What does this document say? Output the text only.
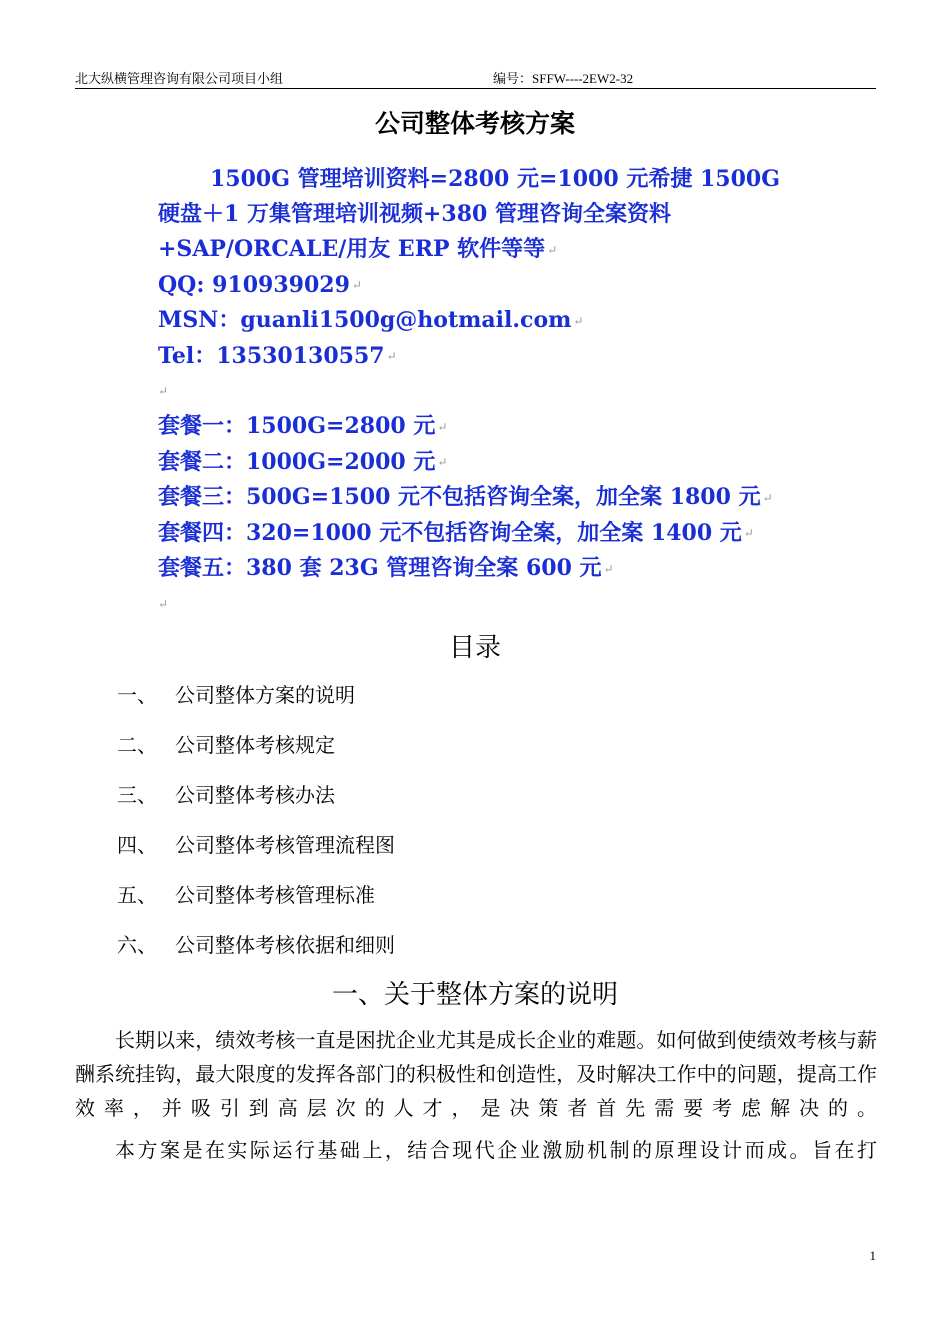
北大纵横管理咨询有限公司项目小组	编号：SFFW----2EW2-32
公司整体考核方案
1500G 管理培训资料=2800 元=1000 元希捷 1500G
硬盘＋1 万集管理培训视频+380 管理咨询全案资料
+SAP/ORCALE/用友 ERP 软件等等 ↵
QQ: 910939029 ↵
MSN：guanli1500g@hotmail.com ↵
Tel：13530130557 ↵
↵
套餐一：1500G=2800 元 ↵
套餐二：1000G=2000 元 ↵
套餐三：500G=1500 元不包括咨询全案，加全案 1800 元 ↵
套餐四：320=1000 元不包括咨询全案，加全案 1400 元 ↵
套餐五：380 套 23G 管理咨询全案 600 元 ↵
↵
目录
一、 公司整体方案的说明
二、 公司整体考核规定
三、 公司整体考核办法
四、 公司整体考核管理流程图
五、 公司整体考核管理标准
六、 公司整体考核依据和细则
一、关于整体方案的说明

长期以来，绩效考核一直是困扰企业尤其是成长企业的难题。如何做到使绩效考核与薪酬系统挂钩，最大限度的发挥各部门的积极性和创造性，及时解决工作中的问题，提高工作效率，并吸引到高层次的人才，是决策者首先需要考虑解决的。

本方案是在实际运行基础上，结合现代企业激励机制的原理设计而成。旨在打

1
